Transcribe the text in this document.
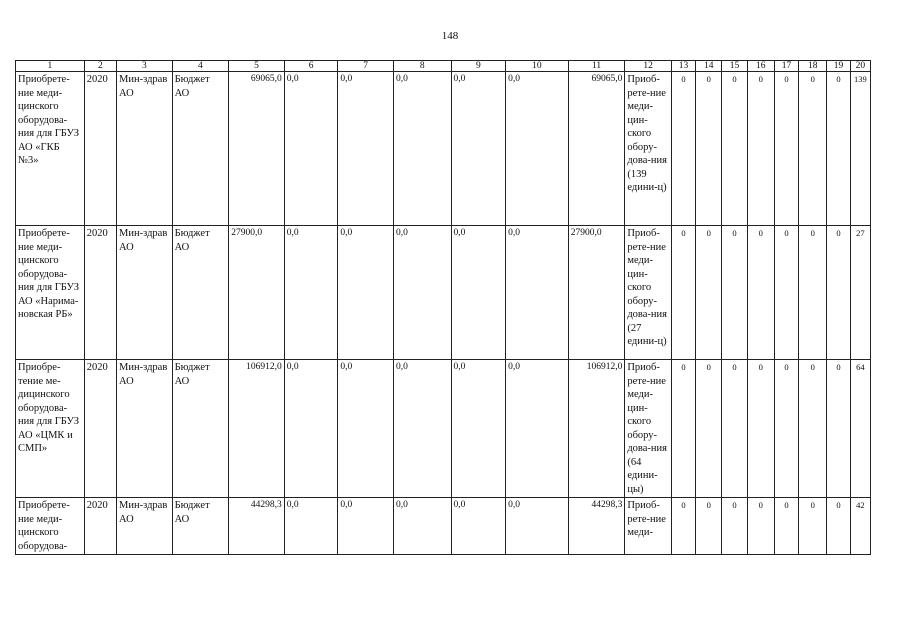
148
1	2	3	4	5	6	7	8	9	10	11	12	13	14	15	16	17	18	19	20
Приобрете-ние меди-цинского оборудова-ния для ГБУЗ АО «ГКБ №3»	2020	Мин-здрав АО	Бюджет АО	69065,0	0,0	0,0	0,0	0,0	0,0	69065,0	Приоб-рете-ние меди-цин-ского обору-дова-ния (139 едини-ц)	0	0	0	0	0	0	0	139
Приобрете-ние меди-цинского оборудова-ния для ГБУЗ АО «Нарима-новская РБ»	2020	Мин-здрав АО	Бюджет АО	27900,0	0,0	0,0	0,0	0,0	0,0	27900,0	Приоб-рете-ние меди-цин-ского обору-дова-ния (27 едини-ц)	0	0	0	0	0	0	0	27
Приобре-тение ме-дицинского оборудова-ния для ГБУЗ АО «ЦМК и СМП»	2020	Мин-здрав АО	Бюджет АО	106912,0	0,0	0,0	0,0	0,0	0,0	106912,0	Приоб-рете-ние меди-цин-ского обору-дова-ния (64 едини-цы)	0	0	0	0	0	0	0	64
Приобрете-ние меди-цинского оборудова-	2020	Мин-здрав АО	Бюджет АО	44298,3	0,0	0,0	0,0	0,0	0,0	44298,3	Приоб-рете-ние меди-	0	0	0	0	0	0	0	42
